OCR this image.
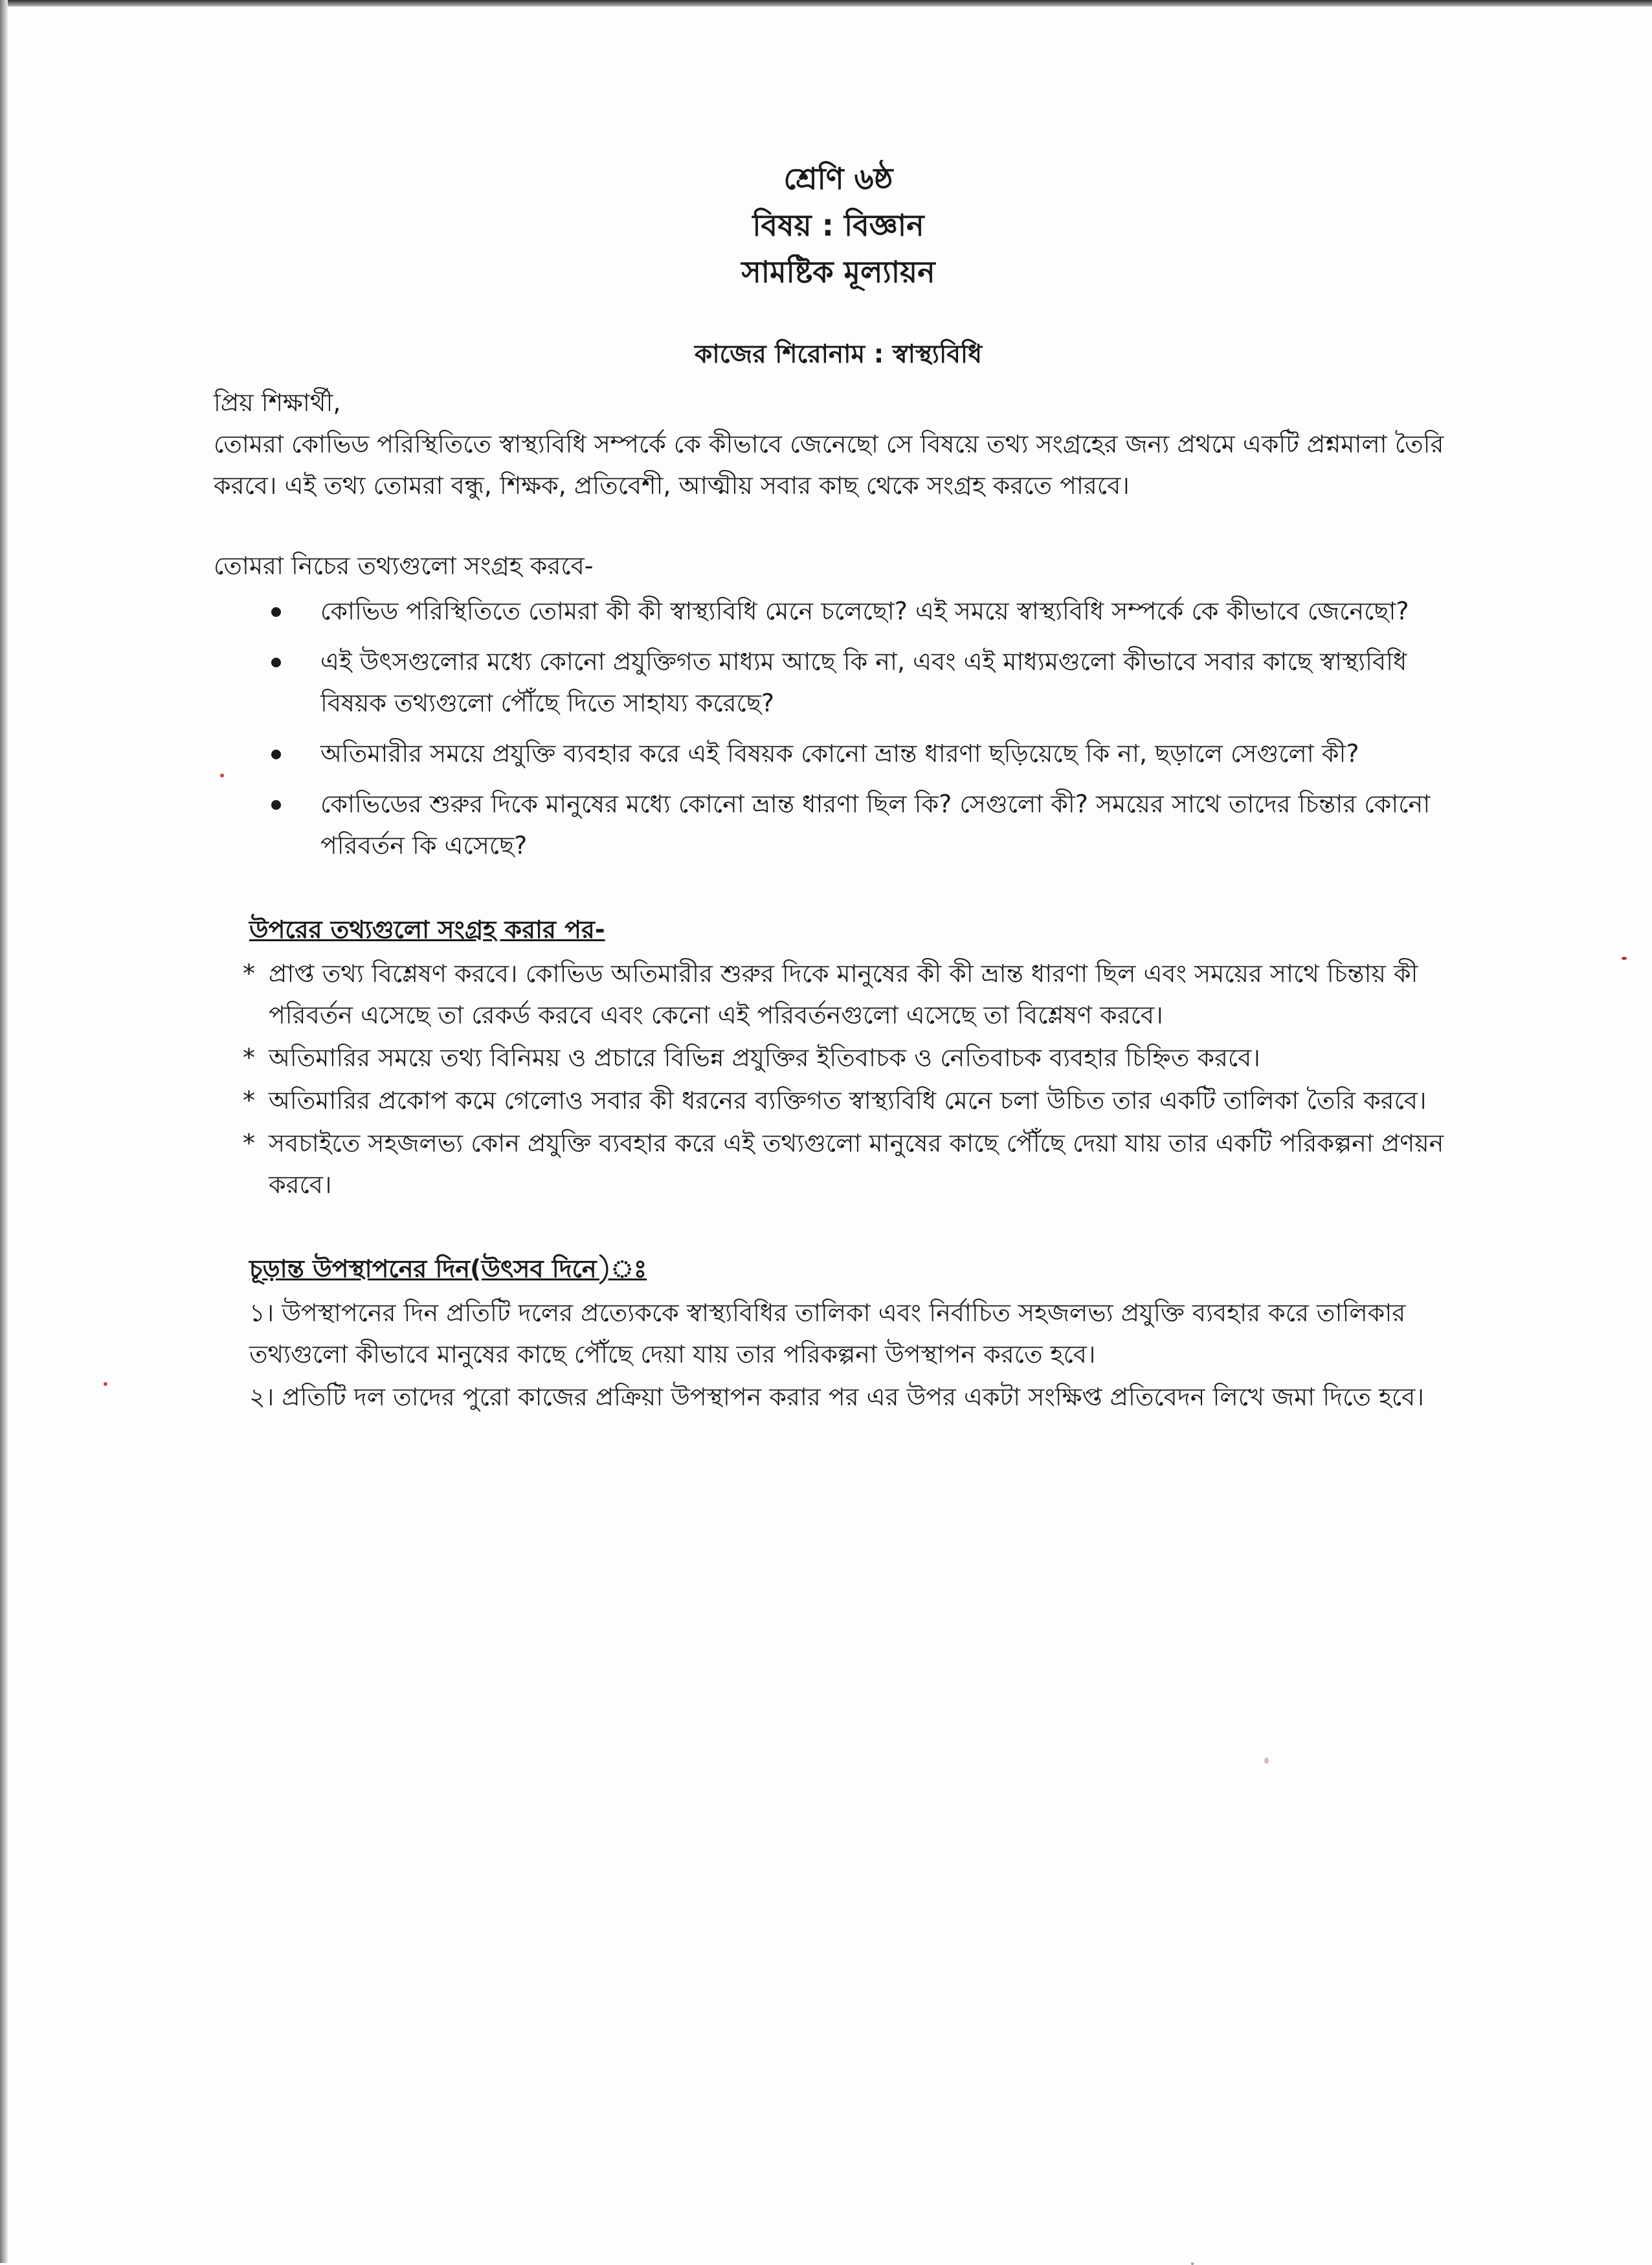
শ্রেণি ৬ষ্ঠ
বিষয় : বিজ্ঞান
সামষ্টিক মূল্যায়ন
কাজের শিরোনাম : স্বাস্থ্যবিধি

প্রিয় শিক্ষার্থী,

তোমরা কোভিড পরিস্থিতিতে স্বাস্থ্যবিধি সম্পর্কে কে কীভাবে জেনেছো সে বিষয়ে তথ্য সংগ্রহের জন্য প্রথমে একটি প্রশ্নমালা তৈরি করবে। এই তথ্য তোমরা বন্ধু, শিক্ষক, প্রতিবেশী, আত্মীয় সবার কাছ থেকে সংগ্রহ করতে পারবে।

তোমরা নিচের তথ্যগুলো সংগ্রহ করবে-

কোভিড পরিস্থিতিতে তোমরা কী কী স্বাস্থ্যবিধি মেনে চলেছো? এই সময়ে স্বাস্থ্যবিধি সম্পর্কে কে কীভাবে জেনেছো?
এই উৎসগুলোর মধ্যে কোনো প্রযুক্তিগত মাধ্যম আছে কি না, এবং এই মাধ্যমগুলো কীভাবে সবার কাছে স্বাস্থ্যবিধি বিষয়ক তথ্যগুলো পৌঁছে দিতে সাহায্য করেছে?
অতিমারীর সময়ে প্রযুক্তি ব্যবহার করে এই বিষয়ক কোনো ভ্রান্ত ধারণা ছড়িয়েছে কি না, ছড়ালে সেগুলো কী?
কোভিডের শুরুর দিকে মানুষের মধ্যে কোনো ভ্রান্ত ধারণা ছিল কি? সেগুলো কী? সময়ের সাথে তাদের চিন্তার কোনো পরিবর্তন কি এসেছে?
উপরের তথ্যগুলো সংগ্রহ করার পর-
* প্রাপ্ত তথ্য বিশ্লেষণ করবে। কোভিড অতিমারীর শুরুর দিকে মানুষের কী কী ভ্রান্ত ধারণা ছিল এবং সময়ের সাথে চিন্তায় কী পরিবর্তন এসেছে তা রেকর্ড করবে এবং কেনো এই পরিবর্তনগুলো এসেছে তা বিশ্লেষণ করবে।
* অতিমারির সময়ে তথ্য বিনিময় ও প্রচারে বিভিন্ন প্রযুক্তির ইতিবাচক ও নেতিবাচক ব্যবহার চিহ্নিত করবে।
* অতিমারির প্রকোপ কমে গেলোও সবার কী ধরনের ব্যক্তিগত স্বাস্থ্যবিধি মেনে চলা উচিত তার একটি তালিকা তৈরি করবে।
* সবচাইতে সহজলভ্য কোন প্রযুক্তি ব্যবহার করে এই তথ্যগুলো মানুষের কাছে পৌঁছে দেয়া যায় তার একটি পরিকল্পনা প্রণয়ন করবে।
চূড়ান্ত উপস্থাপনের দিন(উৎসব দিনে)ঃ
১। উপস্থাপনের দিন প্রতিটি দলের প্রত্যেককে স্বাস্থ্যবিধির তালিকা এবং নির্বাচিত সহজলভ্য প্রযুক্তি ব্যবহার করে তালিকার তথ্যগুলো কীভাবে মানুষের কাছে পৌঁছে দেয়া যায় তার পরিকল্পনা উপস্থাপন করতে হবে।
২। প্রতিটি দল তাদের পুরো কাজের প্রক্রিয়া উপস্থাপন করার পর এর উপর একটা সংক্ষিপ্ত প্রতিবেদন লিখে জমা দিতে হবে।
